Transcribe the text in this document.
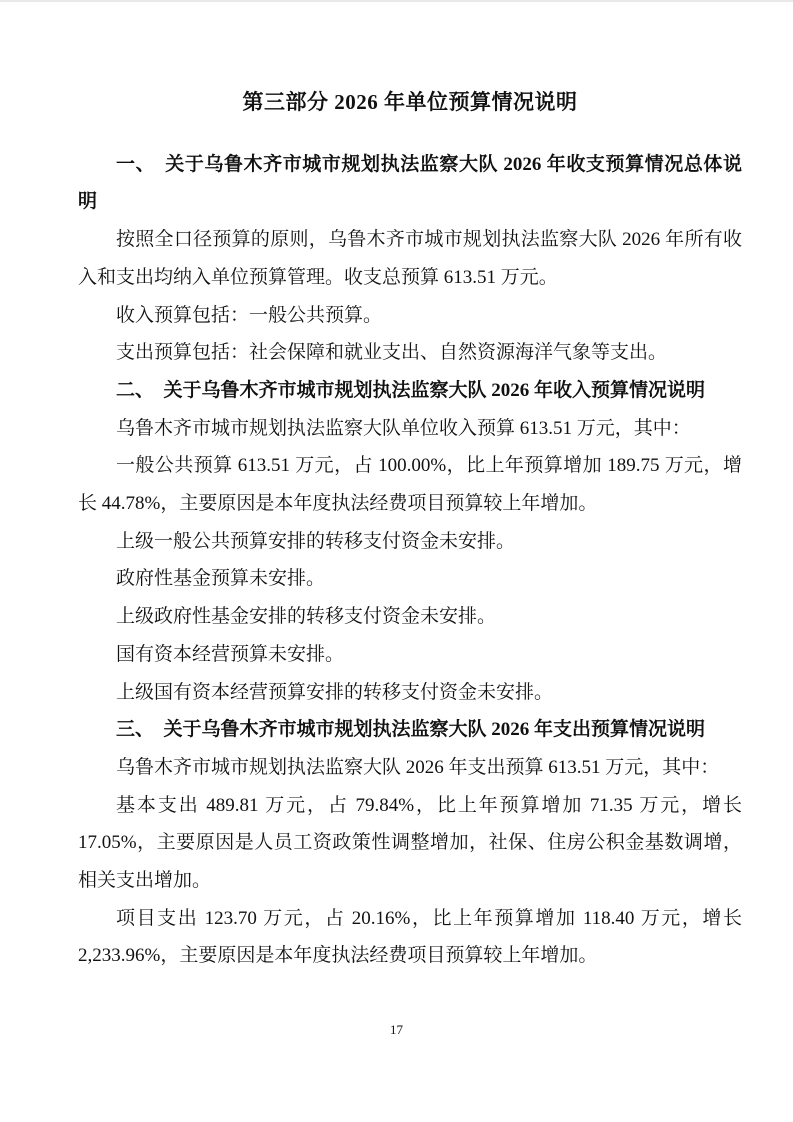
第三部分 2026 年单位预算情况说明
一、　关于乌鲁木齐市城市规划执法监察大队 2026 年收支预算情况总体说明

按照全口径预算的原则，乌鲁木齐市城市规划执法监察大队 2026 年所有收入和支出均纳入单位预算管理。收支总预算 613.51 万元。

收入预算包括：一般公共预算。

支出预算包括：社会保障和就业支出、自然资源海洋气象等支出。

二、　关于乌鲁木齐市城市规划执法监察大队 2026 年收入预算情况说明

乌鲁木齐市城市规划执法监察大队单位收入预算 613.51 万元，其中：

一般公共预算 613.51 万元，占 100.00%，比上年预算增加 189.75 万元，增长 44.78%，主要原因是本年度执法经费项目预算较上年增加。

上级一般公共预算安排的转移支付资金未安排。

政府性基金预算未安排。

上级政府性基金安排的转移支付资金未安排。

国有资本经营预算未安排。

上级国有资本经营预算安排的转移支付资金未安排。

三、　关于乌鲁木齐市城市规划执法监察大队 2026 年支出预算情况说明

乌鲁木齐市城市规划执法监察大队 2026 年支出预算 613.51 万元，其中：

基本支出 489.81 万元，占 79.84%，比上年预算增加 71.35 万元，增长 17.05%，主要原因是人员工资政策性调整增加，社保、住房公积金基数调增，相关支出增加。

项目支出 123.70 万元，占 20.16%，比上年预算增加 118.40 万元，增长 2,233.96%，主要原因是本年度执法经费项目预算较上年增加。

17
